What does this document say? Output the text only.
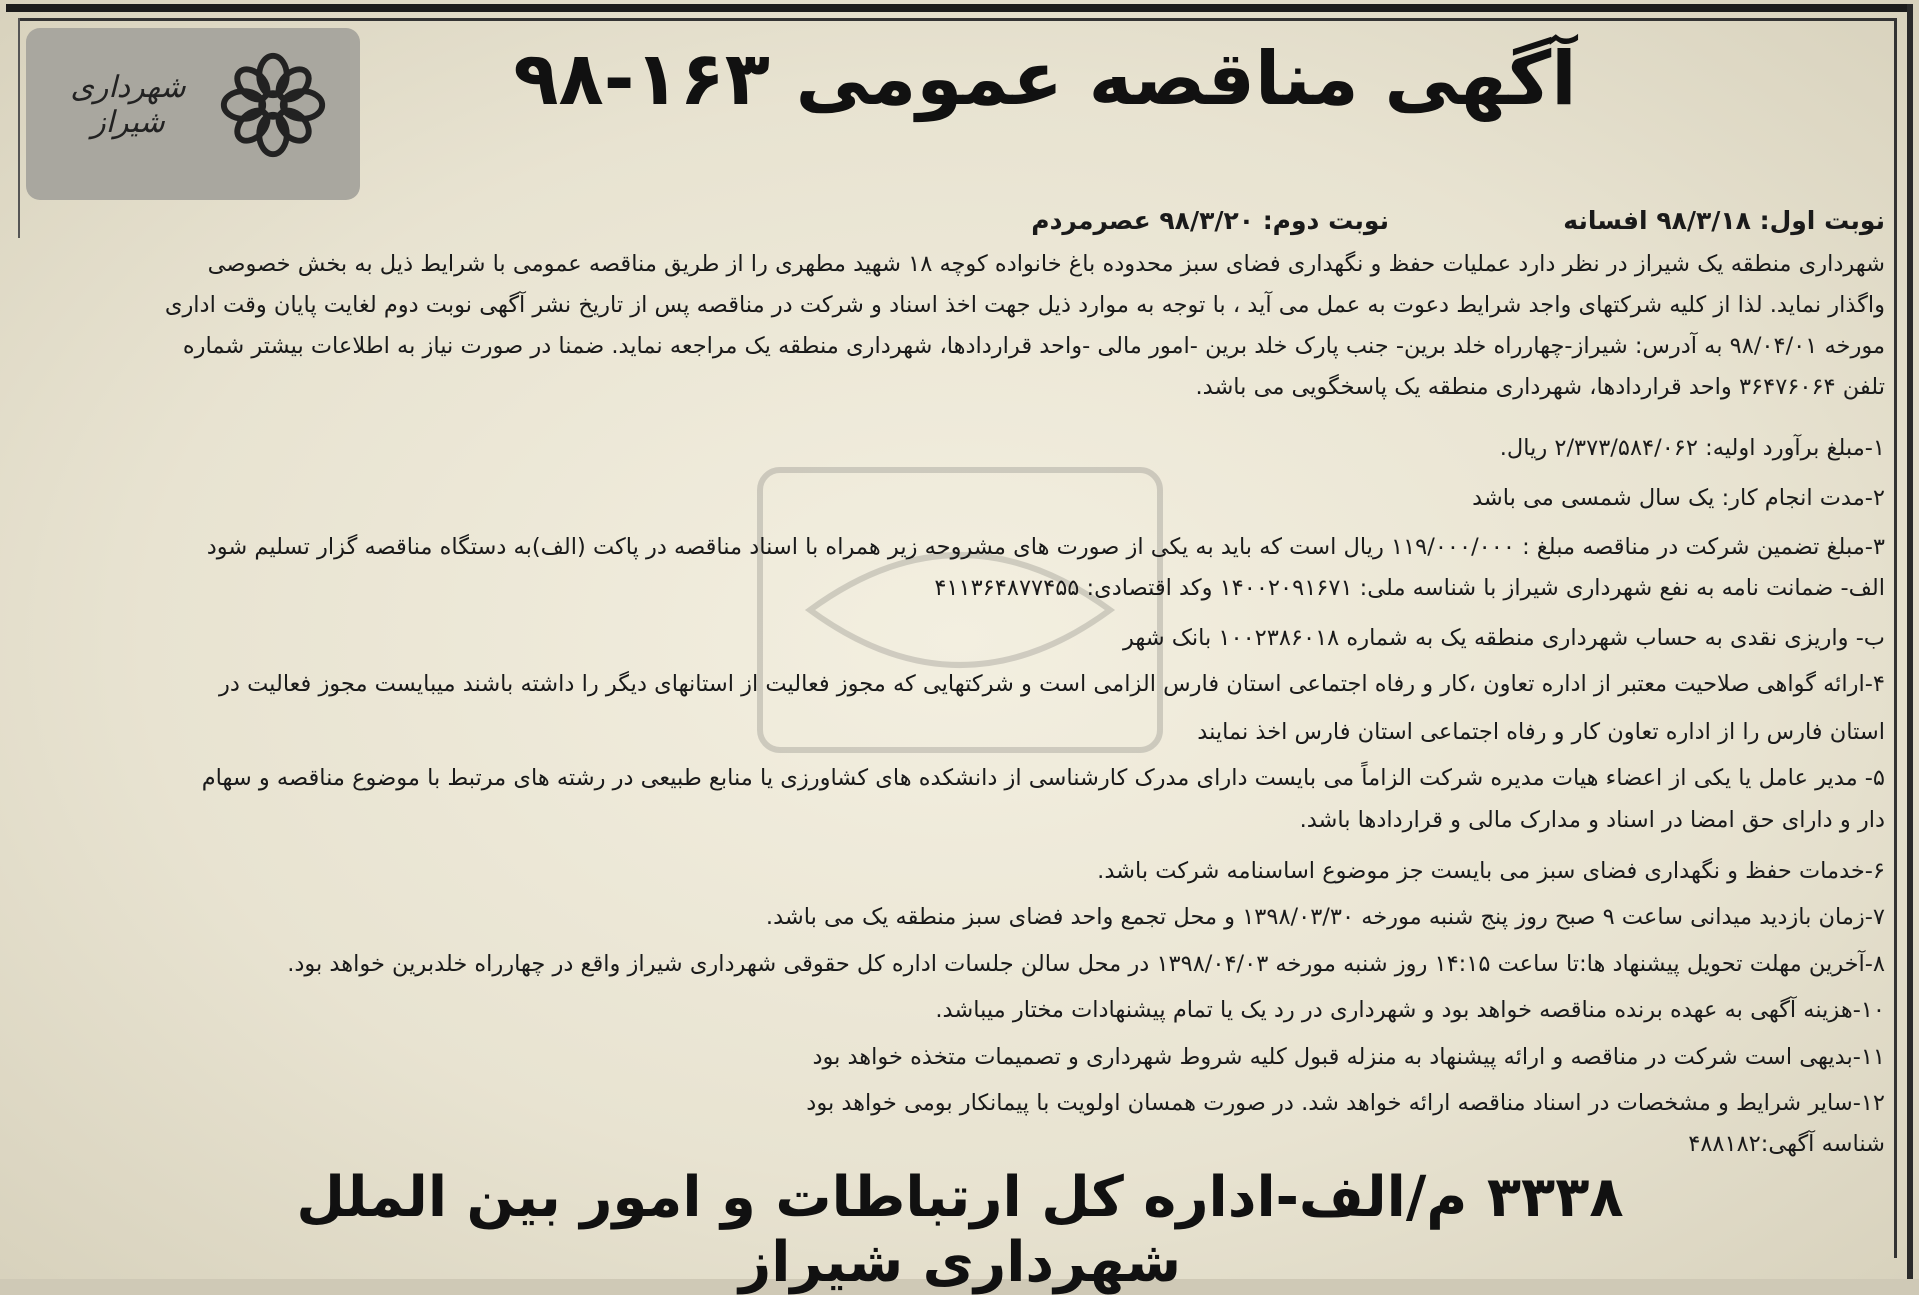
شهرداری شیراز
آگهی مناقصه عمومی ۱۶۳-۹۸
نوبت اول: ۹۸/۳/۱۸ افسانه
نوبت دوم: ۹۸/۳/۲۰ عصرمردم
شهرداری منطقه یک شیراز در نظر دارد عملیات حفظ و نگهداری فضای سبز محدوده باغ خانواده کوچه ۱۸ شهید مطهری را از طریق مناقصه عمومی با شرایط ذیل به بخش خصوصی
واگذار نماید. لذا از کلیه شرکتهای واجد شرایط دعوت به عمل می آید ، با توجه به موارد ذیل جهت اخذ اسناد و شرکت در مناقصه پس از تاریخ نشر آگهی نوبت دوم لغایت پایان وقت اداری
مورخه ۹۸/۰۴/۰۱ به آدرس: شیراز-چهارراه خلد برین- جنب پارک خلد برین -امور مالی -واحد قراردادها، شهرداری منطقه یک مراجعه نماید. ضمنا در صورت نیاز به اطلاعات بیشتر شماره
تلفن ۳۶۴۷۶۰۶۴ واحد قراردادها، شهرداری منطقه یک پاسخگویی می باشد.
۱-مبلغ برآورد اولیه: ۲/۳۷۳/۵۸۴/۰۶۲ ریال.
۲-مدت انجام کار: یک سال شمسی می باشد
۳-مبلغ تضمین شرکت در مناقصه مبلغ : ۱۱۹/۰۰۰/۰۰۰ ریال است که باید به یکی از صورت های مشروحه زیر همراه با اسناد مناقصه در پاکت (الف)به دستگاه مناقصه گزار تسلیم شود
الف- ضمانت نامه به نفع شهرداری شیراز با شناسه ملی: ۱۴۰۰۲۰۹۱۶۷۱ وکد اقتصادی: ۴۱۱۳۶۴۸۷۷۴۵۵
ب- واریزی نقدی به حساب شهرداری منطقه یک به شماره ۱۰۰۲۳۸۶۰۱۸ بانک شهر
۴-ارائه گواهی صلاحیت معتبر از اداره تعاون ،کار و رفاه اجتماعی استان فارس الزامی است و شرکتهایی که مجوز فعالیت از استانهای دیگر را داشته باشند میبایست مجوز فعالیت در
استان فارس را از اداره تعاون کار و رفاه اجتماعی استان فارس اخذ نمایند
۵- مدیر عامل یا یکی از اعضاء هیات مدیره شرکت الزاماً می بایست دارای مدرک کارشناسی از دانشکده های کشاورزی یا منابع طبیعی در رشته های مرتبط با موضوع مناقصه و سهام
دار و دارای حق امضا در اسناد و مدارک مالی و قراردادها باشد.
۶-خدمات حفظ و نگهداری فضای سبز می بایست جز موضوع اساسنامه شرکت باشد.
۷-زمان بازدید میدانی ساعت ۹ صبح روز پنج شنبه مورخه ۱۳۹۸/۰۳/۳۰ و محل تجمع واحد فضای سبز منطقه یک می باشد.
۸-آخرین مهلت تحویل پیشنهاد ها:تا ساعت ۱۴:۱۵ روز شنبه مورخه ۱۳۹۸/۰۴/۰۳ در محل سالن جلسات اداره کل حقوقی شهرداری شیراز واقع در چهارراه خلدبرین خواهد بود.
۱۰-هزینه آگهی به عهده برنده مناقصه خواهد بود و شهرداری در رد یک یا تمام پیشنهادات مختار میباشد.
۱۱-بدیهی است شرکت در مناقصه و ارائه پیشنهاد به منزله قبول کلیه شروط شهرداری و تصمیمات متخذه خواهد بود
۱۲-سایر شرایط و مشخصات در اسناد مناقصه ارائه خواهد شد. در صورت همسان اولویت با پیمانکار بومی خواهد بود
شناسه آگهی:۴۸۸۱۸۲
۳۳۳۸ م/الف-اداره کل ارتباطات و امور بین الملل شهرداری شیراز
